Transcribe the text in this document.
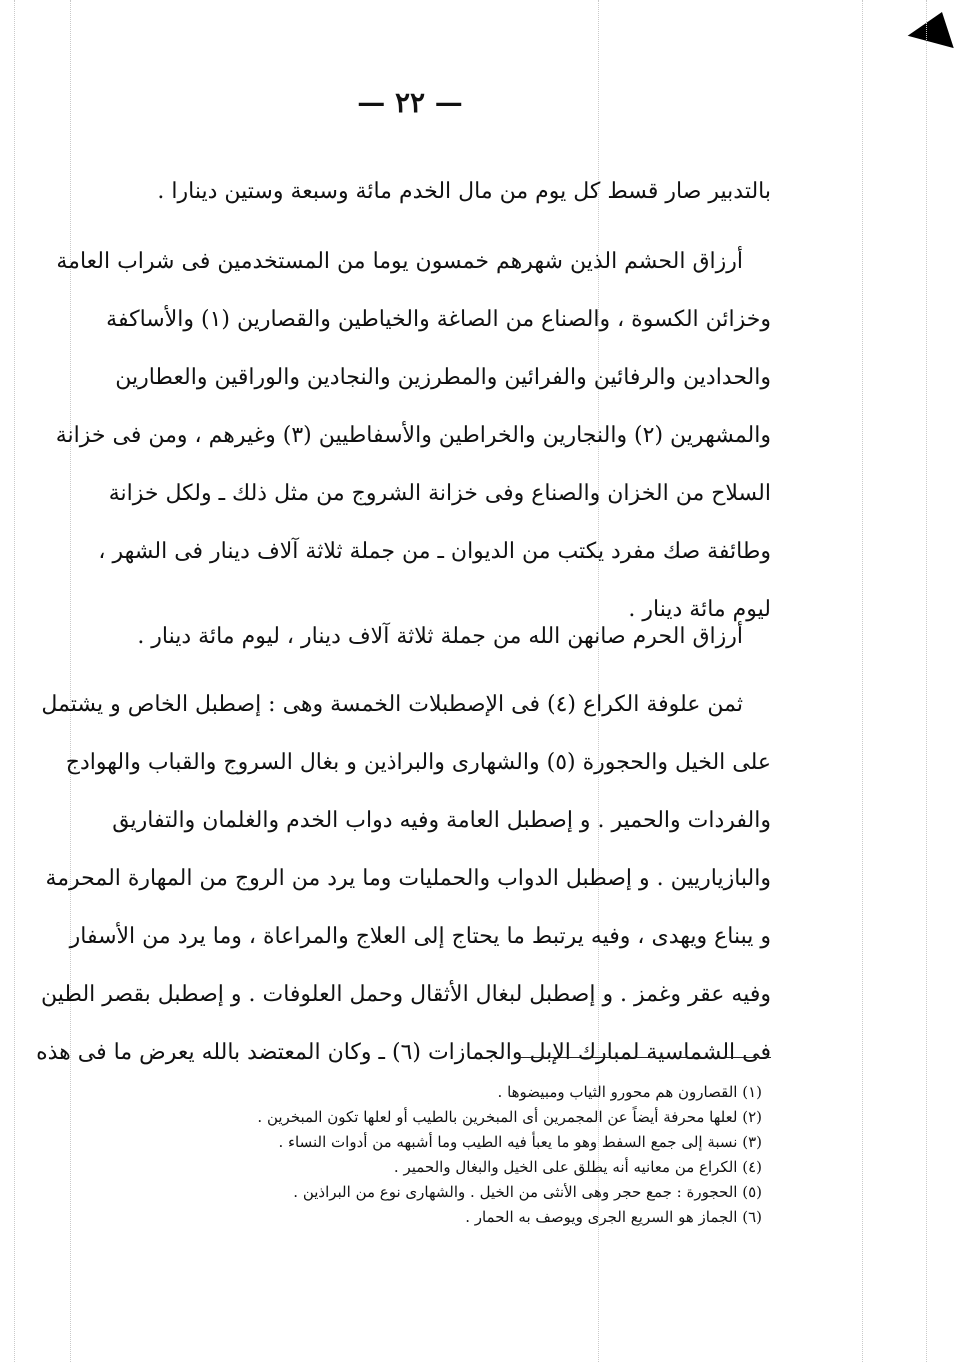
— ٢٢ —
بالتدبير صار قسط كل يوم من مال الخدم مائة وسبعة وستين دينارا .
أرزاق الحشم الذين شهرهم خمسون يوما من المستخدمين فى شراب العامة
وخزائن الكسوة ، والصناع من الصاغة والخياطين والقصارين (١) والأساكفة
والحدادين والرفائين والفرائين والمطرزين والنجادين والوراقين والعطارين
والمشهرين (٢) والنجارين والخراطين والأسفاطيين (٣) وغيرهم ، ومن فى خزانة
السلاح من الخزان والصناع وفى خزانة الشروج من مثل ذلك ـ ولكل خزانة
وطائفة صك مفرد يكتب من الديوان ـ من جملة ثلاثة آلاف دينار فى الشهر ،
ليوم مائة دينار .
أرزاق الحرم صانهن الله من جملة ثلاثة آلاف دينار ، ليوم مائة دينار .
ثمن علوفة الكراع (٤) فى الإصطبلات الخمسة وهى : إصطبل الخاص و يشتمل
على الخيل والحجورة (٥) والشهارى والبراذين و بغال السروج والقباب والهوادج
والفردات والحمير . و إصطبل العامة وفيه دواب الخدم والغلمان والتفاريق
والبازياريين . و إصطبل الدواب والحمليات وما يرد من الروج من المهارة المحرمة
و يبناع ويهدى ، وفيه يرتبط ما يحتاج إلى العلاج والمراعاة ، وما يرد من الأسفار
وفيه عقر وغمز . و إصطبل لبغال الأثقال وحمل العلوفات . و إصطبل بقصر الطين
فى الشماسية لمبارك الإبل والجمازات (٦) ـ وكان المعتضد بالله يعرض ما فى هذه
(١) القصارون هم محورو الثياب ومبيضوها .
(٢) لعلها محرفة أيضاً عن المجمرين أى المبخرين بالطيب أو لعلها تكون المبخرين .
(٣) نسبة إلى جمع السفط وهو ما يعبأ فيه الطيب وما أشبهه من أدوات النساء .
(٤) الكراع من معانيه أنه يطلق على الخيل والبغال والحمير .
(٥) الحجورة : جمع حجر وهى الأنثى من الخيل . والشهارى نوع من البراذين .
(٦) الجماز هو السريع الجرى ويوصف به الحمار .
